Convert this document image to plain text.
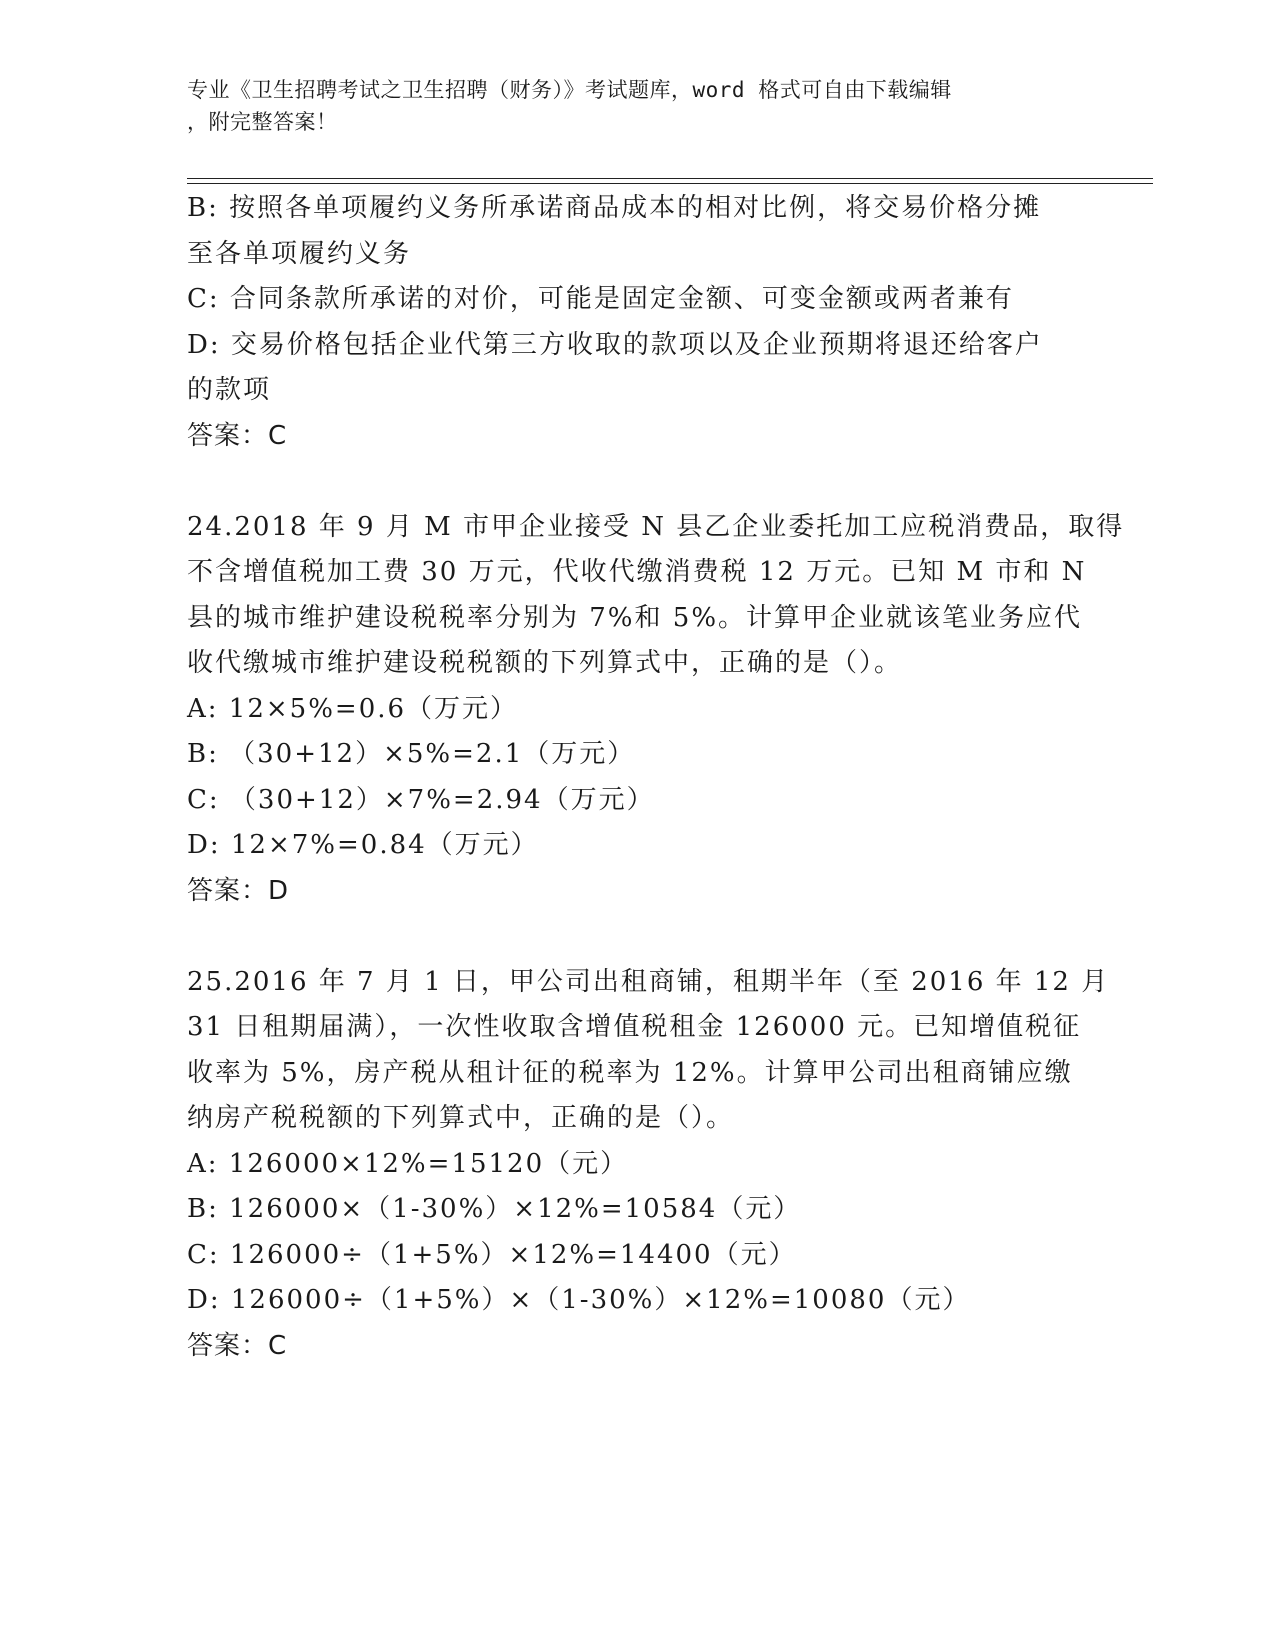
专业《卫生招聘考试之卫生招聘（财务）》考试题库，word 格式可自由下载编辑
，附完整答案！
B: 按照各单项履约义务所承诺商品成本的相对比例，将交易价格分摊
至各单项履约义务
C: 合同条款所承诺的对价，可能是固定金额、可变金额或两者兼有
D: 交易价格包括企业代第三方收取的款项以及企业预期将退还给客户
的款项
答案：C
24.2018 年 9 月 M 市甲企业接受 N 县乙企业委托加工应税消费品，取得
不含增值税加工费 30 万元，代收代缴消费税 12 万元。已知 M 市和 N
县的城市维护建设税税率分别为 7%和 5%。计算甲企业就该笔业务应代
收代缴城市维护建设税税额的下列算式中，正确的是（）。
A: 12×5%=0.6（万元）
B: （30+12）×5%=2.1（万元）
C: （30+12）×7%=2.94（万元）
D: 12×7%=0.84（万元）
答案：D
25.2016 年 7 月 1 日，甲公司出租商铺，租期半年（至 2016 年 12 月
31 日租期届满），一次性收取含增值税租金 126000 元。已知增值税征
收率为 5%，房产税从租计征的税率为 12%。计算甲公司出租商铺应缴
纳房产税税额的下列算式中，正确的是（）。
A: 126000×12%=15120（元）
B: 126000×（1-30%）×12%=10584（元）
C: 126000÷（1+5%）×12%=14400（元）
D: 126000÷（1+5%）×（1-30%）×12%=10080（元）
答案：C
